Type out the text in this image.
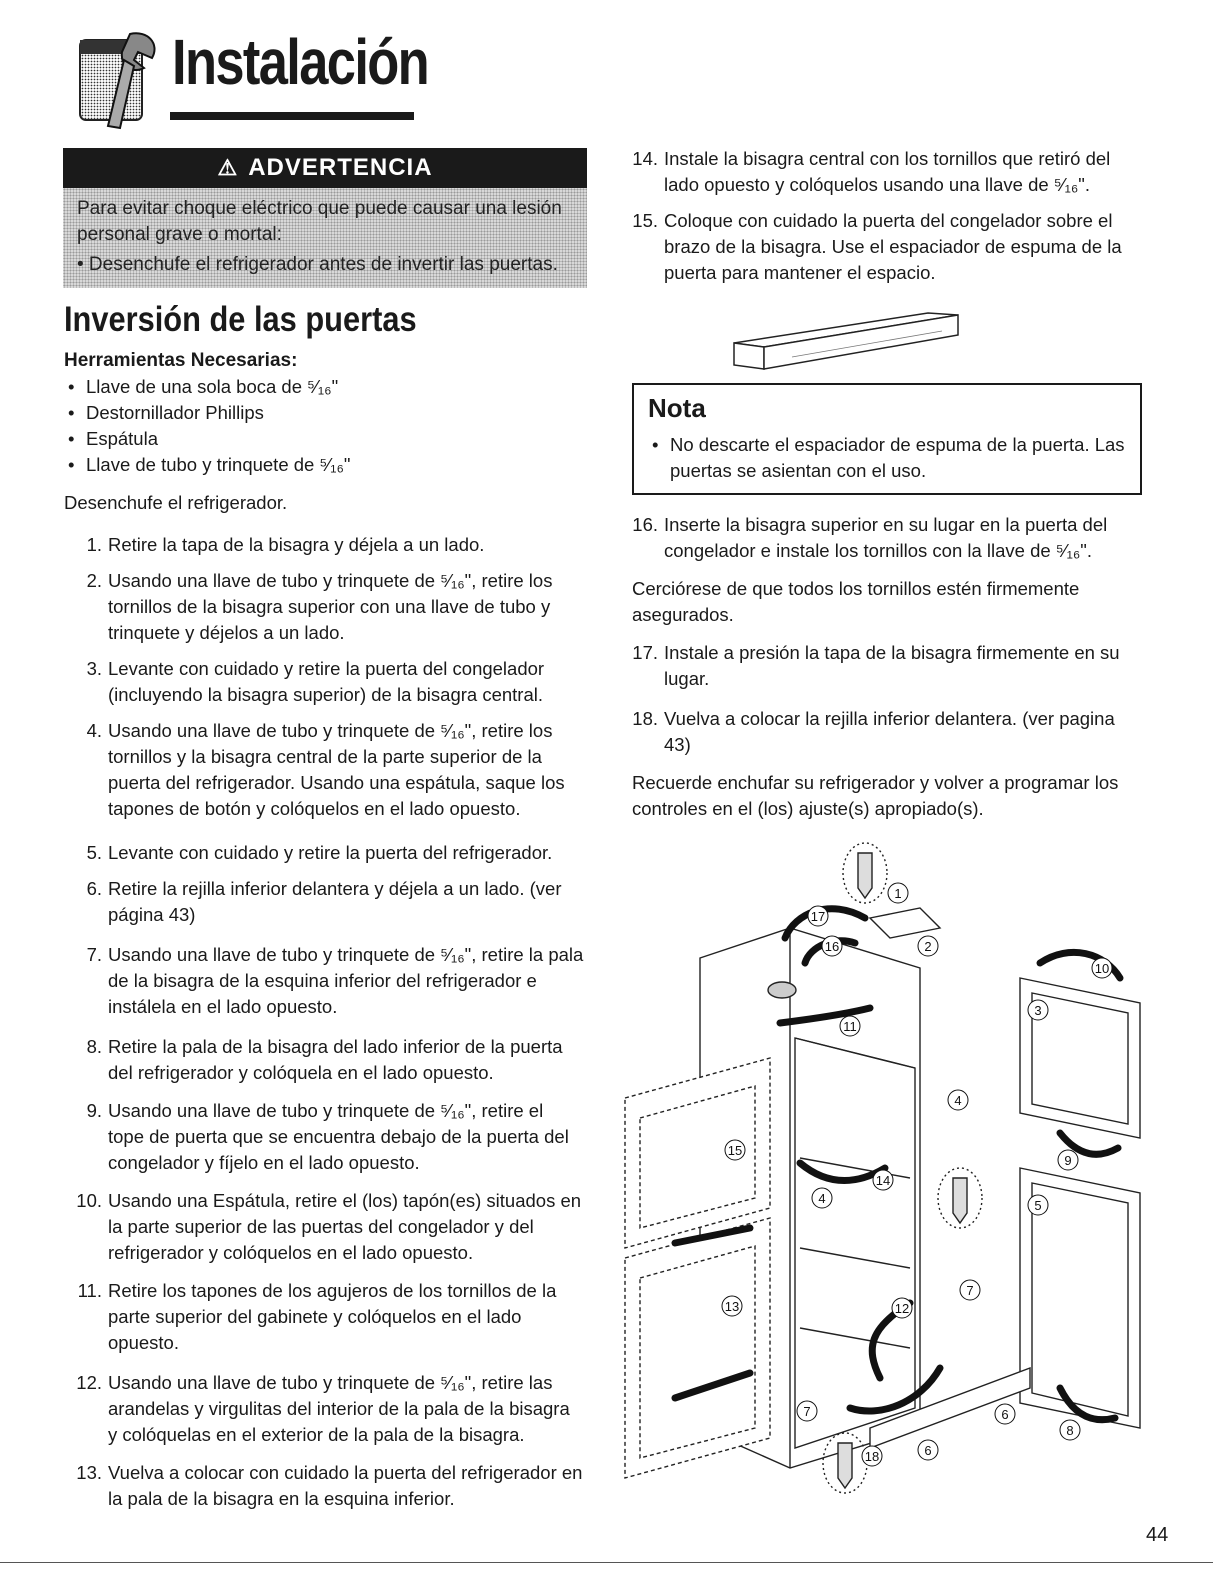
Instalación
⚠ ADVERTENCIA

Para evitar choque eléctrico que puede causar una lesión

personal grave o mortal:

• Desenchufe el refrigerador antes de invertir las puertas.

Inversión de las puertas
Herramientas Necesarias:
• Llave de una sola boca de ⁵⁄₁₆"
• Destornillador Phillips
• Espátula
• Llave de tubo y trinquete de ⁵⁄₁₆"
Desenchufe el refrigerador.
1. Retire la tapa de la bisagra y déjela a un lado.
2. Usando una llave de tubo y trinquete de ⁵⁄₁₆", retire los tornillos de la bisagra superior con una llave de tubo y trinquete y déjelos a un lado.
3. Levante con cuidado y retire la puerta del congelador (incluyendo la bisagra superior) de la bisagra central.
4. Usando una llave de tubo y trinquete de ⁵⁄₁₆", retire los tornillos y la bisagra central de la parte superior de la puerta del refrigerador. Usando una espátula, saque los tapones de botón y colóquelos en el lado opuesto.
5. Levante con cuidado y retire la puerta del refrigerador.
6. Retire la rejilla inferior delantera y déjela a un lado. (ver página 43)
7. Usando una llave de tubo y trinquete de ⁵⁄₁₆", retire la pala de la bisagra de la esquina inferior del refrigerador e instálela en el lado opuesto.
8. Retire la pala de la bisagra del lado inferior de la puerta del refrigerador y colóquela en el lado opuesto.
9. Usando una llave de tubo y trinquete de ⁵⁄₁₆", retire el tope de puerta que se encuentra debajo de la puerta del congelador y fíjelo en el lado opuesto.
10. Usando una Espátula, retire el (los) tapón(es) situados en la parte superior de las puertas del congelador y del refrigerador y colóquelos en el lado opuesto.
11. Retire los tapones de los agujeros de los tornillos de la parte superior del gabinete y colóquelos en el lado opuesto.
12. Usando una llave de tubo y trinquete de ⁵⁄₁₆", retire las arandelas y virgulitas del interior de la pala de la bisagra y colóquelas en el exterior de la pala de la bisagra.
13. Vuelva a colocar con cuidado la puerta del refrigerador en la pala de la bisagra en la esquina inferior.
14. Instale la bisagra central con los tornillos que retiró del lado opuesto y colóquelos usando una llave de ⁵⁄₁₆".
15. Coloque con cuidado la puerta del congelador sobre el brazo de la bisagra. Use el espaciador de espuma de la puerta para mantener el espacio.
Nota
• No descarte el espaciador de espuma de la puerta. Las puertas se asientan con el uso.
16. Inserte la bisagra superior en su lugar en la puerta del congelador e instale los tornillos con la llave de ⁵⁄₁₆".
Cerciórese de que todos los tornillos estén firmemente asegurados.
17. Instale a presión la tapa de la bisagra firmemente en su lugar.
18. Vuelva a colocar la rejilla inferior delantera. (ver pagina 43)
Recuerde enchufar su refrigerador y volver a programar los controles en el (los) ajuste(s) apropiado(s).
1
2
17
16
11
10
3
4
15
14
4
9
5
13	12
7
7	6
6
8
18
44
